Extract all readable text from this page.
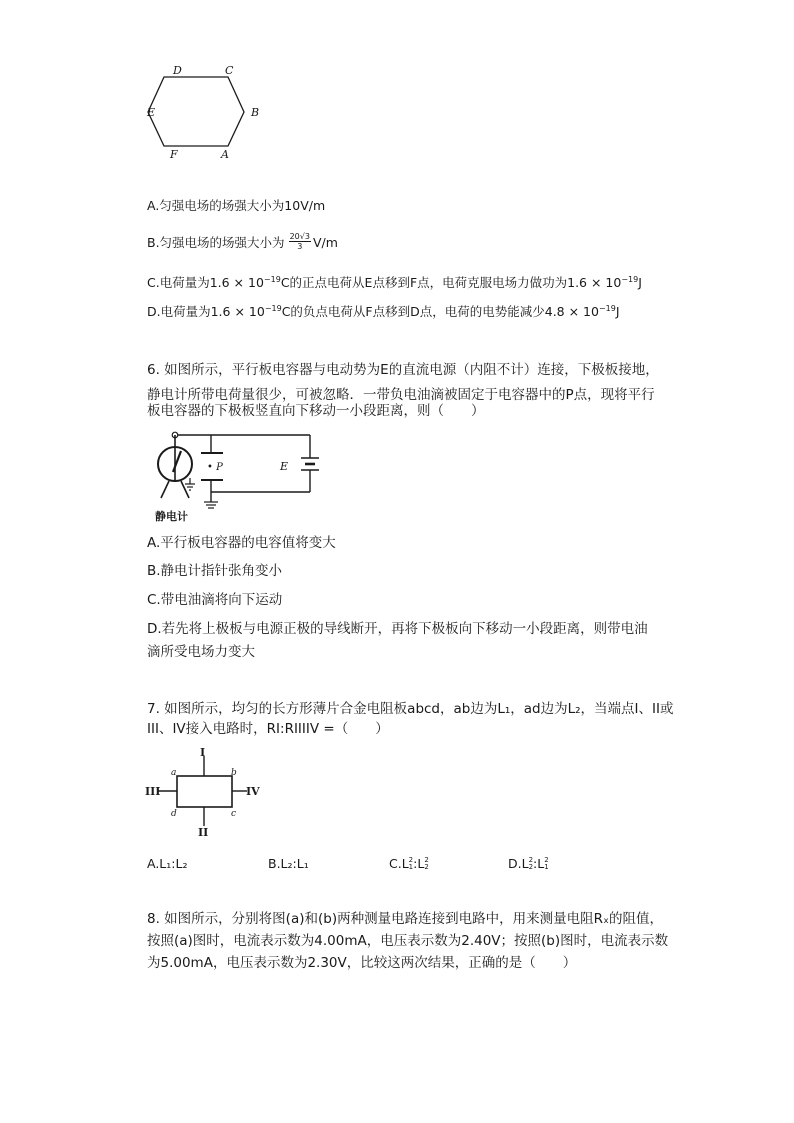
D	C
E	B
F	A
A.匀强电场的场强大小为10V/m
B.匀强电场的场强大小为 $\frac{20√3}{3} V/m$
C.电荷量为$1.6 \times 10^{-19}C$的正点电荷从E点移到F点，电荷克服电场力做功为$1.6 \times 10^{-19}J$
D.电荷量为$1.6 \times 10^{-19}C$的负点电荷从F点移到D点，电荷的电势能减少$4.8 \times 10^{-19}J$
6. 如图所示，平行板电容器与电动势为E的直流电源（内阻不计）连接，下极板接地，
静电计所带电荷量很少，可被忽略．一带负电油滴被固定于电容器中的P点，现将平行
板电容器的下极板竖直向下移动一小段距离，则（　　）
• P	E
静电计
A.平行板电容器的电容值将变大
B.静电计指针张角变小
C.带电油滴将向下运动
D.若先将上极板与电源正极的导线断开，再将下极板向下移动一小段距离，则带电油
滴所受电场力变大
7. 如图所示，均匀的长方形薄片合金电阻板abcd，ab边为L₁，ad边为L₂，当端点I、II或
III、IV接入电路时，RI:RIIIIV =（　　）
I
II
III	IV
a	b
c
d
A.L₁:L₂	B.L₂:L₁	C.L 2
1 :L 2
2	D.L 2
2 :L 2
1
8. 如图所示，分别将图(a)和(b)两种测量电路连接到电路中，用来测量电阻Rₓ的阻值，
按照(a)图时，电流表示数为4.00mA，电压表示数为2.40V；按照(b)图时，电流表示数
为5.00mA，电压表示数为2.30V，比较这两次结果，正确的是（　　）
